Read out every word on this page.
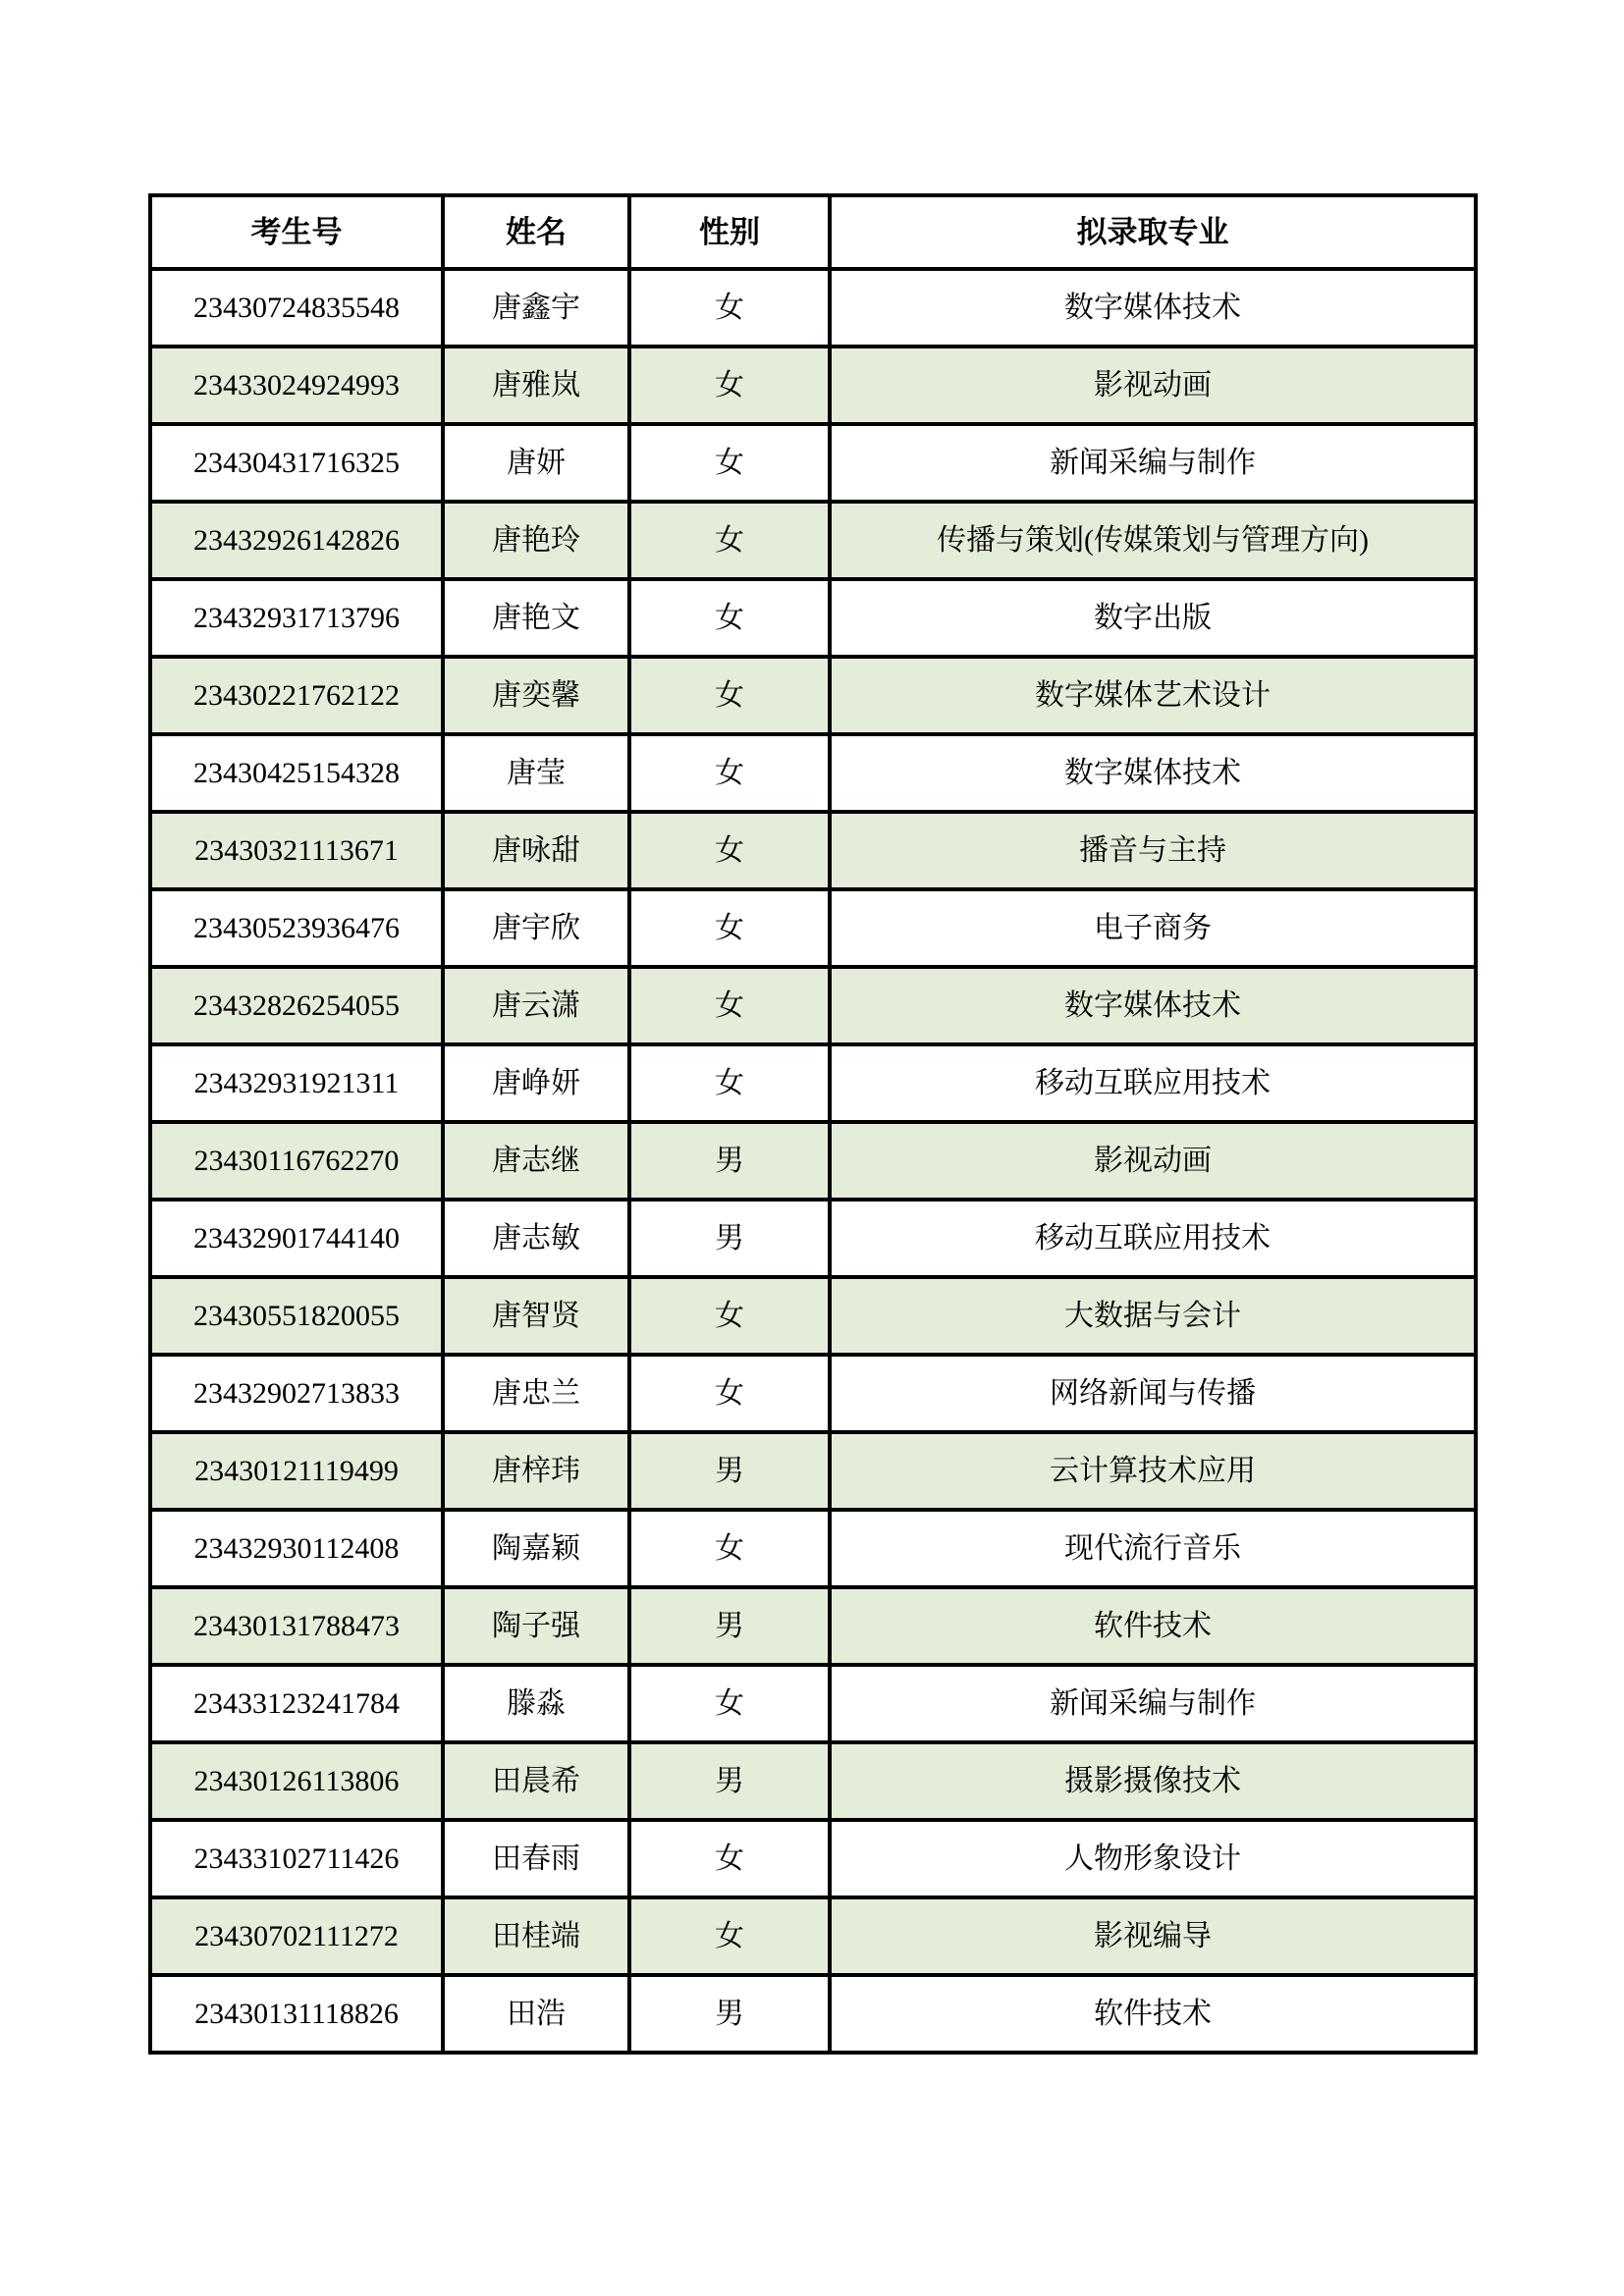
考生号	姓名	性别	拟录取专业
23430724835548	唐鑫宇	女	数字媒体技术
23433024924993	唐雅岚	女	影视动画
23430431716325	唐妍	女	新闻采编与制作
23432926142826	唐艳玲	女	传播与策划(传媒策划与管理方向)
23432931713796	唐艳文	女	数字出版
23430221762122	唐奕馨	女	数字媒体艺术设计
23430425154328	唐莹	女	数字媒体技术
23430321113671	唐咏甜	女	播音与主持
23430523936476	唐宇欣	女	电子商务
23432826254055	唐云潇	女	数字媒体技术
23432931921311	唐峥妍	女	移动互联应用技术
23430116762270	唐志继	男	影视动画
23432901744140	唐志敏	男	移动互联应用技术
23430551820055	唐智贤	女	大数据与会计
23432902713833	唐忠兰	女	网络新闻与传播
23430121119499	唐梓玮	男	云计算技术应用
23432930112408	陶嘉颖	女	现代流行音乐
23430131788473	陶子强	男	软件技术
23433123241784	滕淼	女	新闻采编与制作
23430126113806	田晨希	男	摄影摄像技术
23433102711426	田春雨	女	人物形象设计
23430702111272	田桂端	女	影视编导
23430131118826	田浩	男	软件技术
